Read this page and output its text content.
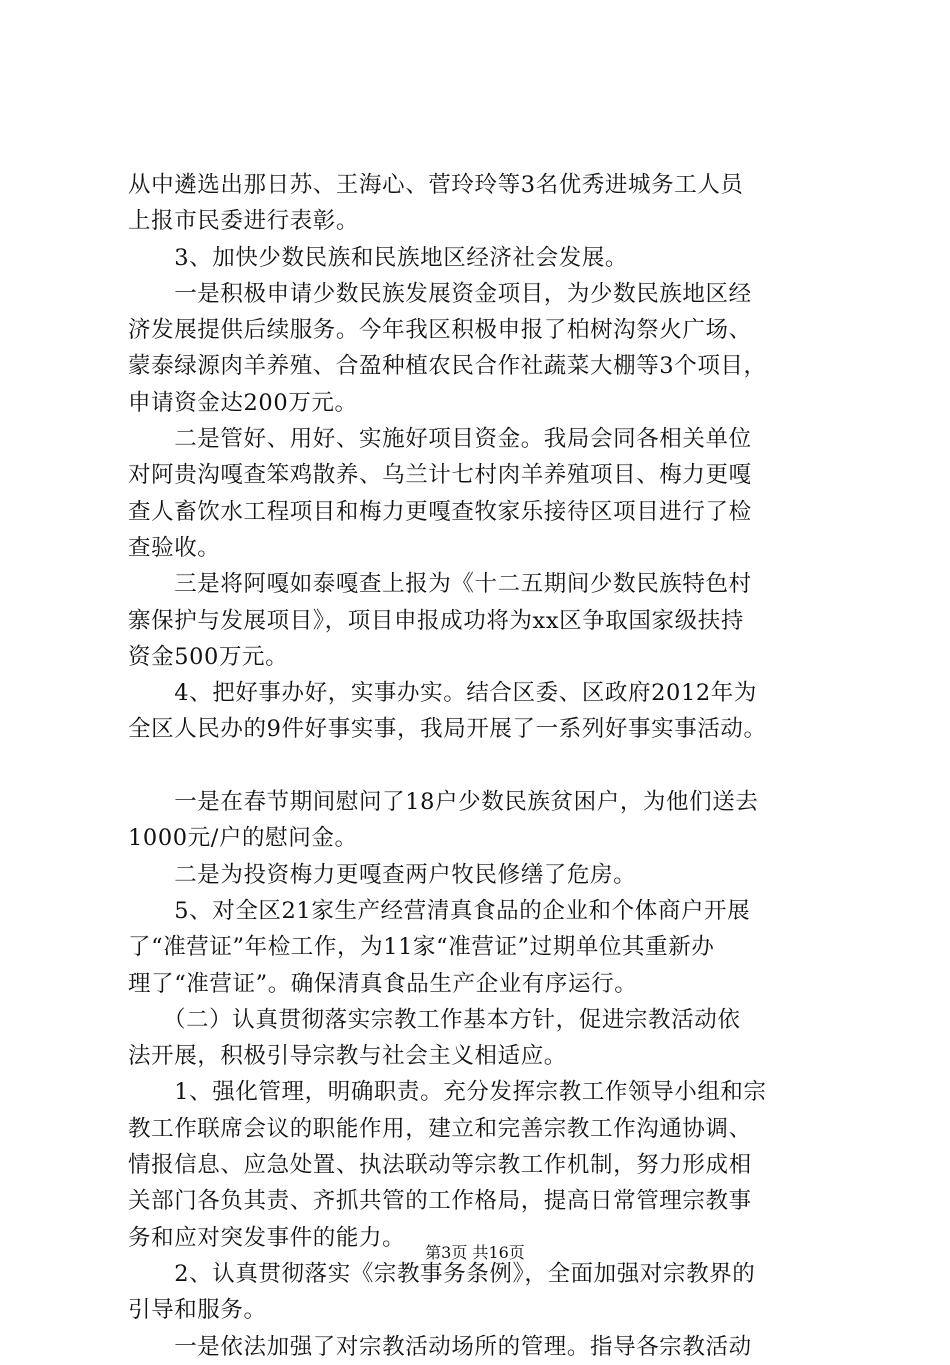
从中遴选出那日苏、王海心、菅玲玲等3名优秀进城务工人员
上报市民委进行表彰。
　　3、加快少数民族和民族地区经济社会发展。
　　一是积极申请少数民族发展资金项目，为少数民族地区经
济发展提供后续服务。今年我区积极申报了柏树沟祭火广场、
蒙泰绿源肉羊养殖、合盈种植农民合作社蔬菜大棚等3个项目，
申请资金达200万元。
　　二是管好、用好、实施好项目资金。我局会同各相关单位
对阿贵沟嘎查笨鸡散养、乌兰计七村肉羊养殖项目、梅力更嘎
查人畜饮水工程项目和梅力更嘎查牧家乐接待区项目进行了检
查验收。
　　三是将阿嘎如泰嘎查上报为《十二五期间少数民族特色村
寨保护与发展项目》，项目申报成功将为xx区争取国家级扶持
资金500万元。
　　4、把好事办好，实事办实。结合区委、区政府2012年为
全区人民办的9件好事实事，我局开展了一系列好事实事活动。
　　一是在春节期间慰问了18户少数民族贫困户，为他们送去
1000元/户的慰问金。
　　二是为投资梅力更嘎查两户牧民修缮了危房。
　　5、对全区21家生产经营清真食品的企业和个体商户开展
了“准营证”年检工作，为11家“准营证”过期单位其重新办
理了“准营证”。确保清真食品生产企业有序运行。
　　（二）认真贯彻落实宗教工作基本方针，促进宗教活动依
法开展，积极引导宗教与社会主义相适应。
　　1、强化管理，明确职责。充分发挥宗教工作领导小组和宗
教工作联席会议的职能作用，建立和完善宗教工作沟通协调、
情报信息、应急处置、执法联动等宗教工作机制，努力形成相
关部门各负其责、齐抓共管的工作格局，提高日常管理宗教事
务和应对突发事件的能力。
　　2、认真贯彻落实《宗教事务条例》，全面加强对宗教界的
引导和服务。
　　一是依法加强了对宗教活动场所的管理。指导各宗教活动
第3页 共16页
